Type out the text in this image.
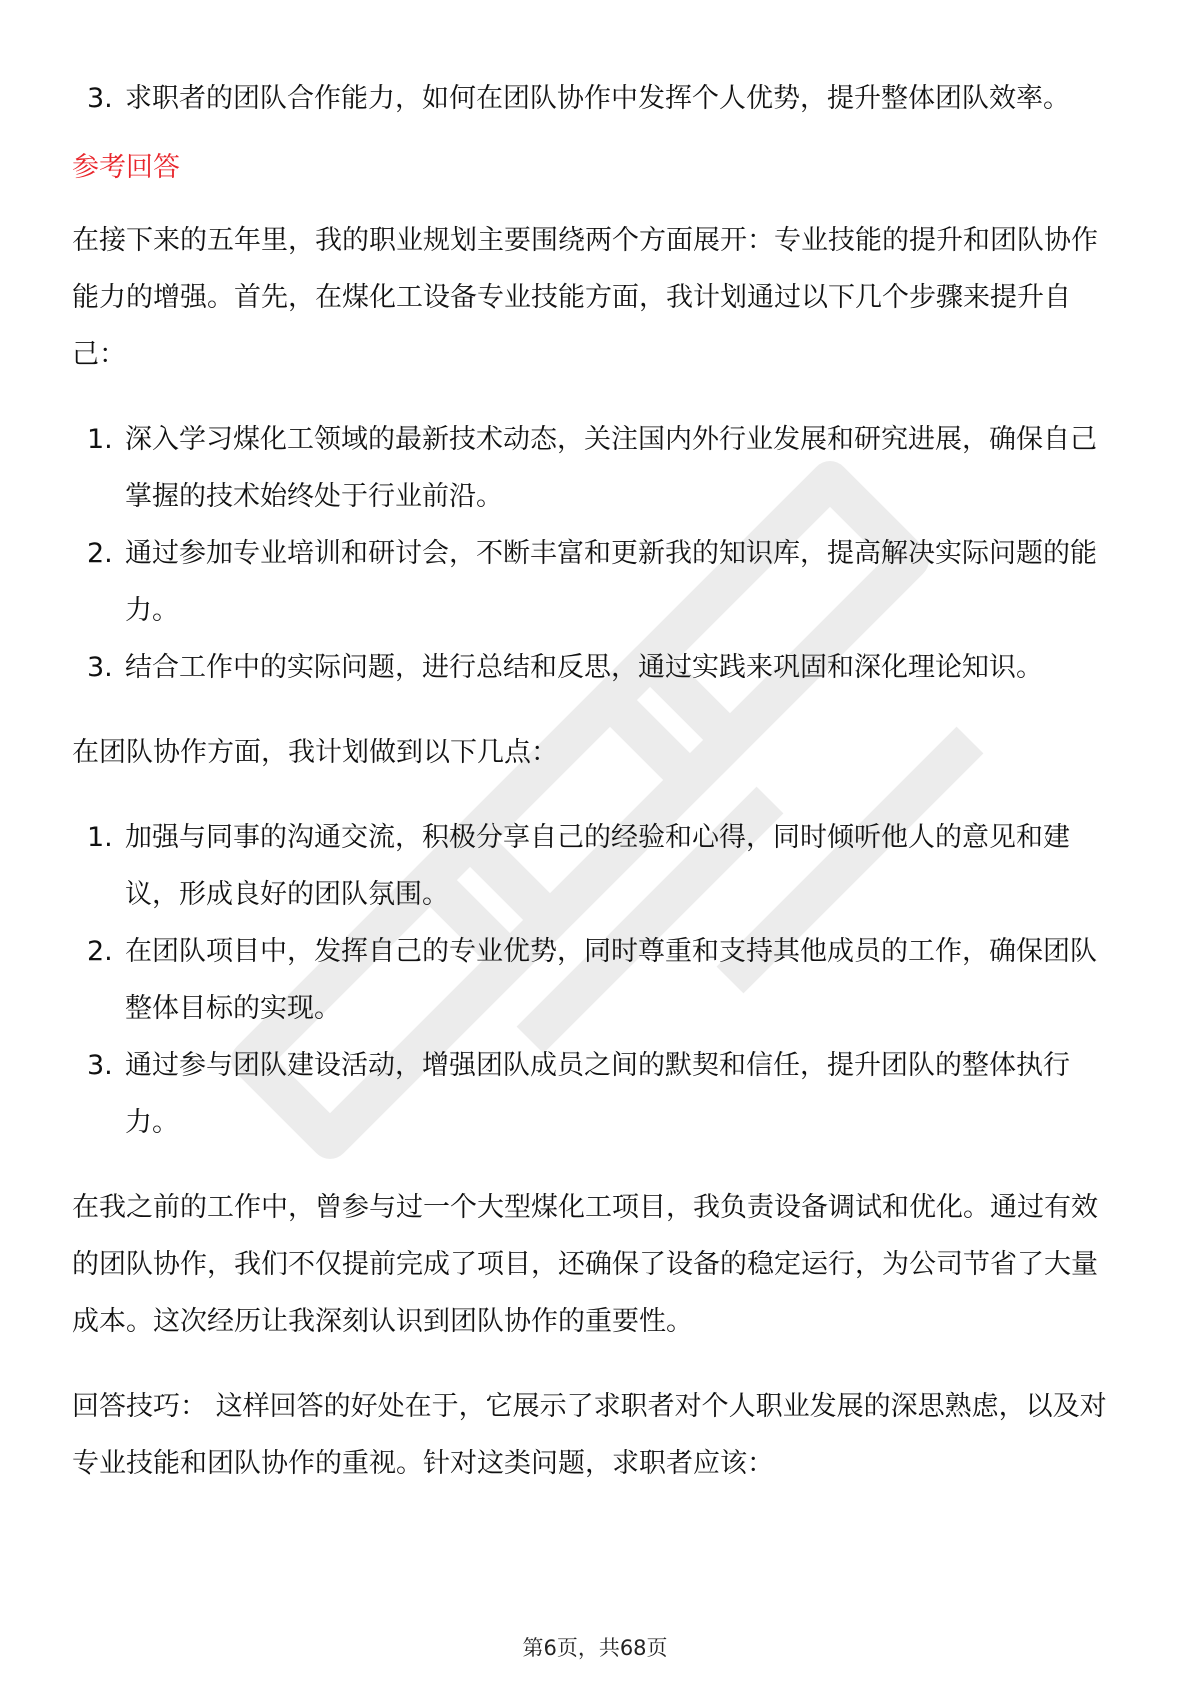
3. 求职者的团队合作能力，如何在团队协作中发挥个人优势，提升整体团队效率。
参考回答

在接下来的五年里，我的职业规划主要围绕两个方面展开：专业技能的提升和团队协作能力的增强。首先，在煤化工设备专业技能方面，我计划通过以下几个步骤来提升自己：

1. 深入学习煤化工领域的最新技术动态，关注国内外行业发展和研究进展，确保自己掌握的技术始终处于行业前沿。
2. 通过参加专业培训和研讨会，不断丰富和更新我的知识库，提高解决实际问题的能力。
3. 结合工作中的实际问题，进行总结和反思，通过实践来巩固和深化理论知识。

在团队协作方面，我计划做到以下几点：

1. 加强与同事的沟通交流，积极分享自己的经验和心得，同时倾听他人的意见和建议，形成良好的团队氛围。
2. 在团队项目中，发挥自己的专业优势，同时尊重和支持其他成员的工作，确保团队整体目标的实现。
3. 通过参与团队建设活动，增强团队成员之间的默契和信任，提升团队的整体执行力。

在我之前的工作中，曾参与过一个大型煤化工项目，我负责设备调试和优化。通过有效的团队协作，我们不仅提前完成了项目，还确保了设备的稳定运行，为公司节省了大量成本。这次经历让我深刻认识到团队协作的重要性。

回答技巧： 这样回答的好处在于，它展示了求职者对个人职业发展的深思熟虑，以及对专业技能和团队协作的重视。针对这类问题，求职者应该：

第6页，共68页
